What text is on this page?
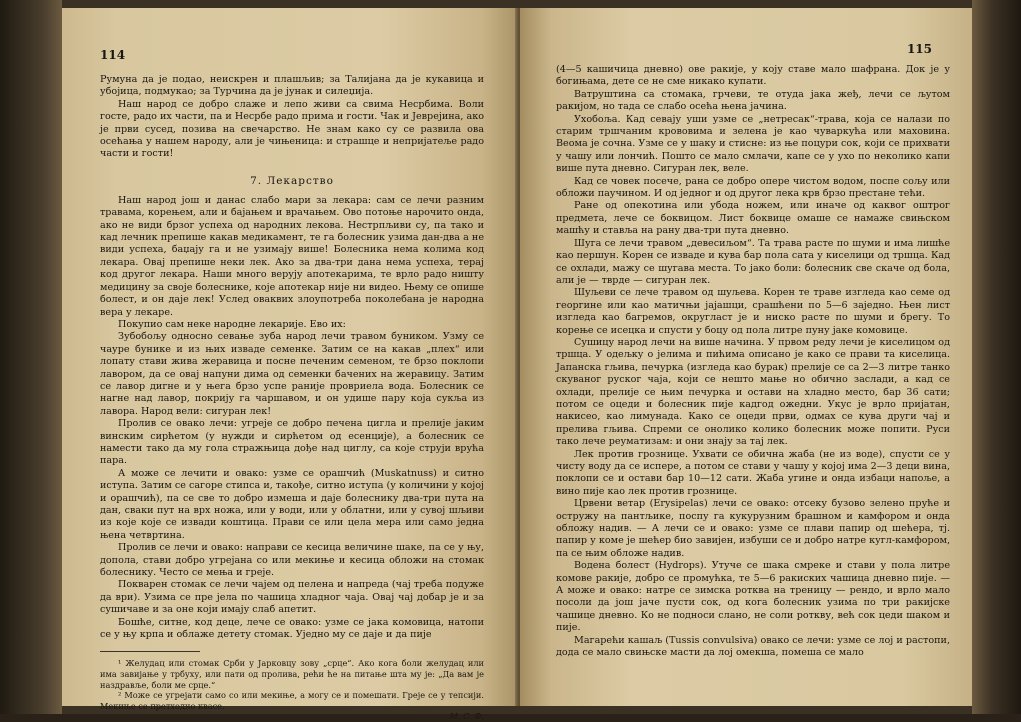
114

Румуна да је подао, неискрен и плашљив; за Талијана да је кукавица и убојица, подмукао; за Турчина да је јунак и силеџија.

Наш народ се добро слаже и лепо живи са свима Несрбима. Воли госте, радо их части, па и Несрбе радо прима и гости. Чак и Јеврејина, ако је први сусед, позива на свечарство. Не знам како су се развила ова осећања у нашем народу, али је чињеница: и страшце и непријатеље радо части и гости!

7. Лекарство

Наш народ још и данас слабо мари за лекара: сам се лечи разним травама, корењем, али и бајањем и врачањем. Ово потоње нарочито онда, ако не види брзог успеха од народних лекова. Нестрпљиви су, па тако и кад лечник препише какав медикамент, те га болесник узима дан-два а не види успеха, баџају га и не узимају више! Болесника нема колима код лекара. Овај препише неки лек. Ако за два-три дана нема успеха, тераj код другог лекара. Наши много верују апотекарима, те врло радо ништу медицину за своје болеснике, које апотекар није ни видео. Њему се опише болест, и он даје лек! Услед оваквих злоупотреба поколебана је народна вера у лекаре.

Покупио сам неке народне лекарије. Ево их:

Зубобољу односно севање зуба народ лечи травом буником. Узму се чауре бунике и из њих изваде семенке. Затим се на какав „плех“ или лопату стави жива жеравица и посне печеним семеном, те брзо поклопи лавором, да се овај напуни дима од семенки бачених на жеравицу. Затим се лавор дигне и у њега брзо успе раније провриела вода. Болесник се нагне над лавор, покрију га чаршавом, и он удише пару која сукља из лавора. Народ вели: сигуран лек!

Пролив се овако лечи: угреје се добро печена цигла и прелије јаким винским сирћетом (у нужди и сирћетом од есенције), а болесник се намести тако да му гола стражњица дође над циглу, са које струји врућа пара.

А може се лечити и овако: узме се орашчић (Muskatnuss) и ситно иступа. Затим се сагоре стипса и, такође, ситно иступа (у количини у којој и орашчић), па се све то добро измеша и даје болеснику два-три пута на дан, сваки пут на врх ножа, или у води, или у облатни, или у сувој шљиви из које које се извади коштица. Прави се или цела мера или само једна њена четвртина.

Пролив се лечи и овако: направи се кесица величине шаке, па се у њу, допола, стави добро угрејана со или мекиње и кесица обложи на стомак болеснику. Често се мења и греје.

Покварен стомак се лечи чајем од пелена и напреда (чај треба подуже да ври). Узима се пре јела по чашица хладног чаја. Овај чај добар је и за сушичаве и за оне који имају слаб апетит.

Бошће, ситне, код деце, лече се овако: узме се јака комовица, натопи се у њу крпа и облаже детету стомак. Уједно му се даје и да пије

¹ Желудац или стомак Срби у Јарковцу зову „срце“. Ако кога боли желудац или има завијање у трбуху, или пати од пролива, рећи ће на питање шта му је: „Да вам је наздравље, боли ме срце.“

² Може се угрејати само со или мекиње, а могу се и помешати. Греје се у тепсији. Мекиње се претходно квасе.

М. С. Ф.

115

(4—5 кашичица дневно) ове ракије, у коју ставе мало шафрана. Док је у богињама, дете се не сме никако купати.

Ватруштина са стомака, грчеви, те отуда јака жеђ, лечи се љутом ракијом, но тада се слабо осећа њена јачина.

Ухобоља. Кад севају уши узме се „нетресак“-трава, која се налази по старим тршчаним крововима и зелена је као чуваркућа или маховина. Веома је сочна. Узме се у шаку и стисне: из ње поцури сок, који се прихвати у чашу или лончић. Пошто се мало смлачи, капе се у ухо по неколико капи више пута дневно. Сигуран лек, веле.

Кад се човек посече, рана се добро опере чистом водом, поспе сољу или обложи паучином. И од једног и од другог лека крв брзо престане тећи.

Ране од опекотина или убода ножем, или иначе од каквог оштрог предмета, лече се боквицом. Лист боквице омаше се намаже свињском машћу и ставља на рану два-три пута дневно.

Шуга се лечи травом „девесиљом“. Та трава расте по шуми и има лишће као першун. Корен се изваде и кува бар пола сата у киселици од тршца. Кад се охлади, мажу се шугава места. То јако боли: болесник све скаче од бола, али је — тврде — сигуран лек.

Шуљеви се лече травом од шуљева. Корен те траве изгледа као семе од георгине или као матичњи јајашци, срашћени по 5—6 заједно. Њен лист изгледа као багремов, округласт је и ниско расте по шуми и брегу. То корење се исецка и спусти у боцу од пола литре пуну јаке комовице.

Сушицу народ лечи на више начина. У првом реду лечи је киселицом од тршца. У одељку о јелима и пићима описано је како се прави та киселица. Јапанска гљива, печурка (изгледа као бурак) прелије се са 2—3 литре танко скуваног руског чаја, који се нешто мање но обично заслади, а кад се охлади, прелије се њим печурка и остави на хладно место, бар 36 сати; потом се оцеди и болесник пије кадгод ожедни. Укус је врло пријатан, накисео, као лимунада. Како се оцеди први, одмах се кува други чај и прелива гљива. Спреми се онолико колико болесник може попити. Руси тако лече реуматизам: и они знају за тај лек.

Лек против грознице. Ухвати се обична жаба (не из воде), спусти се у чисту воду да се испере, а потом се стави у чашу у којој има 2—3 деци вина, поклопи се и остави бар 10—12 сати. Жаба угине и онда избаци напоље, а вино пије као лек против грознице.

Црвени ветар (Erysipelas) лечи се овако: отсеку бузово зелено пруће и остружу на пантљике, поспу га кукурузним брашном и камфором и онда обложу надив. — А лечи се и овако: узме се плави папир од шећера, тј. папир у коме је шећер био завијен, избуши се и добро натре кугл-камфором, па се њим обложе надив.

Водена болест (Hydrops). Утуче се шака смреке и стави у пола литре комове ракије, добро се промућка, те 5—6 ракиских чашица дневно пије. — А може и овако: натре се зимска ротква на треницу — рендо, и врло мало посоли да још јаче пусти сок, од кога болесник узима по три ракијске чашице дневно. Ко не подноси слано, не соли роткву, већ сок цеди шаком и пије.

Магарећи кашаљ (Tussis convulsiva) овако се лечи: узме се лој и растопи, дода се мало свињске масти да лој омекша, помеша се мало
